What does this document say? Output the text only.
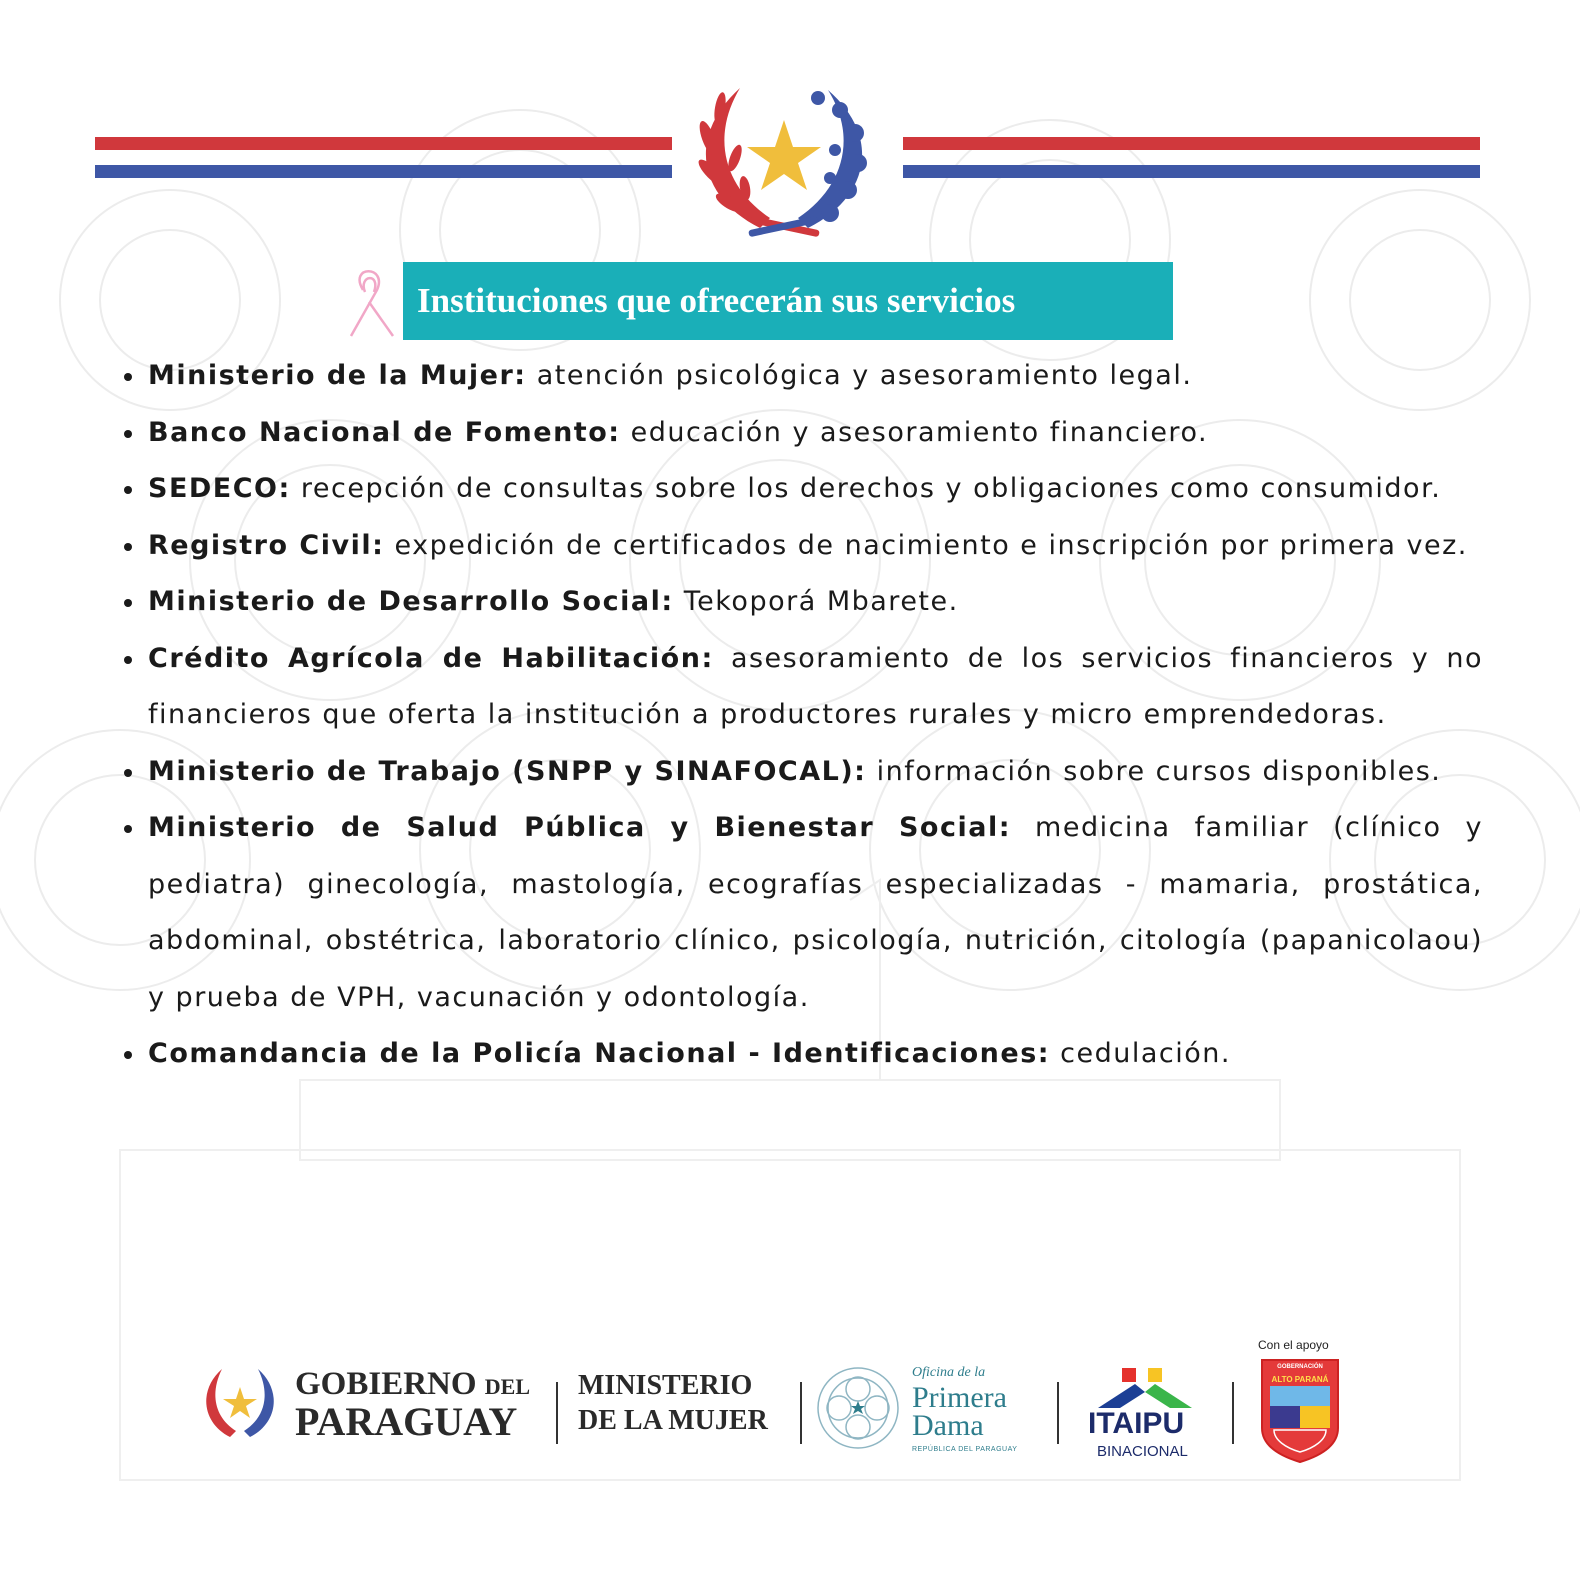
Instituciones que ofrecerán sus servicios
Ministerio de la Mujer: atención psicológica y asesoramiento legal.
Banco Nacional de Fomento: educación y asesoramiento financiero.
SEDECO: recepción de consultas sobre los derechos y obligaciones como consumidor.
Registro Civil: expedición de certificados de nacimiento e inscripción por primera vez.
Ministerio de Desarrollo Social: Tekoporá Mbarete.
Crédito Agrícola de Habilitación: asesoramiento de los servicios financieros y no financieros que oferta la institución a productores rurales y micro emprendedoras.
Ministerio de Trabajo (SNPP y SINAFOCAL): información sobre cursos disponibles.
Ministerio de Salud Pública y Bienestar Social: medicina familiar (clínico y pediatra) ginecología, mastología, ecografías especializadas - mamaria, prostática, abdominal, obstétrica, laboratorio clínico, psicología, nutrición, citología (papanicolaou) y prueba de VPH, vacunación y odontología.
Comandancia de la Policía Nacional - Identificaciones: cedulación.
GOBIERNO DEL
PARAGUAY
MINISTERIO
DE LA MUJER
Oficina de la
Primera
Dama
REPÚBLICA DEL PARAGUAY
ITAIPU
BINACIONAL
Con el apoyo
GOBERNACIÓN
ALTO PARANÁ
